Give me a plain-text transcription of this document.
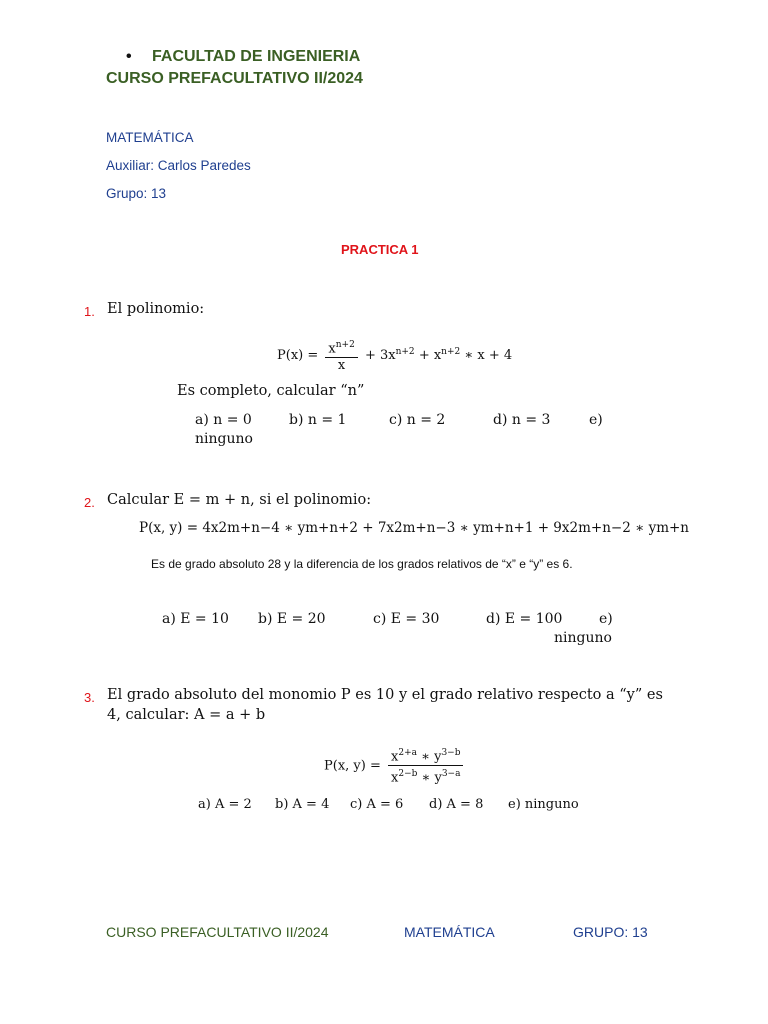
• FACULTAD DE INGENIERIA
CURSO PREFACULTATIVO II/2024
MATEMÁTICA
Auxiliar: Carlos Paredes
Grupo: 13
PRACTICA 1
1. El polinomio:
$P(x) = \frac{x^{n+2}}{x} + 3x^{n+2} + x^{n+2}$ ∗ x + 4
Es completo, calcular “n”
a) n = 0	b) n = 1	c) n = 2	d) n = 3	e)
ninguno
2. Calcular E = m + n, si el polinomio:
P(x, y) = 4x2m+n−4 ∗ ym+n+2 + 7x2m+n−3 ∗ ym+n+1 + 9x2m+n−2 ∗ ym+n
Es de grado absoluto 28 y la diferencia de los grados relativos de “x” e “y” es 6.
a) E = 10 b) E = 20	c) E = 30	d) E = 100	e)
ninguno
3. El grado absoluto del monomio P es 10 y el grado relativo respecto a “y” es
4, calcular: A = a + b
P(x, $y) = \frac{x^{2+a} ∗ y^{3-b}}{x^{2-b} ∗ y^{3-a}}$
a) A = 2 b) A = 4 c) A = 6 d) A = 8 e) ninguno
CURSO PREFACULTATIVO II/2024	MATEMÁTICA	GRUPO: 13
